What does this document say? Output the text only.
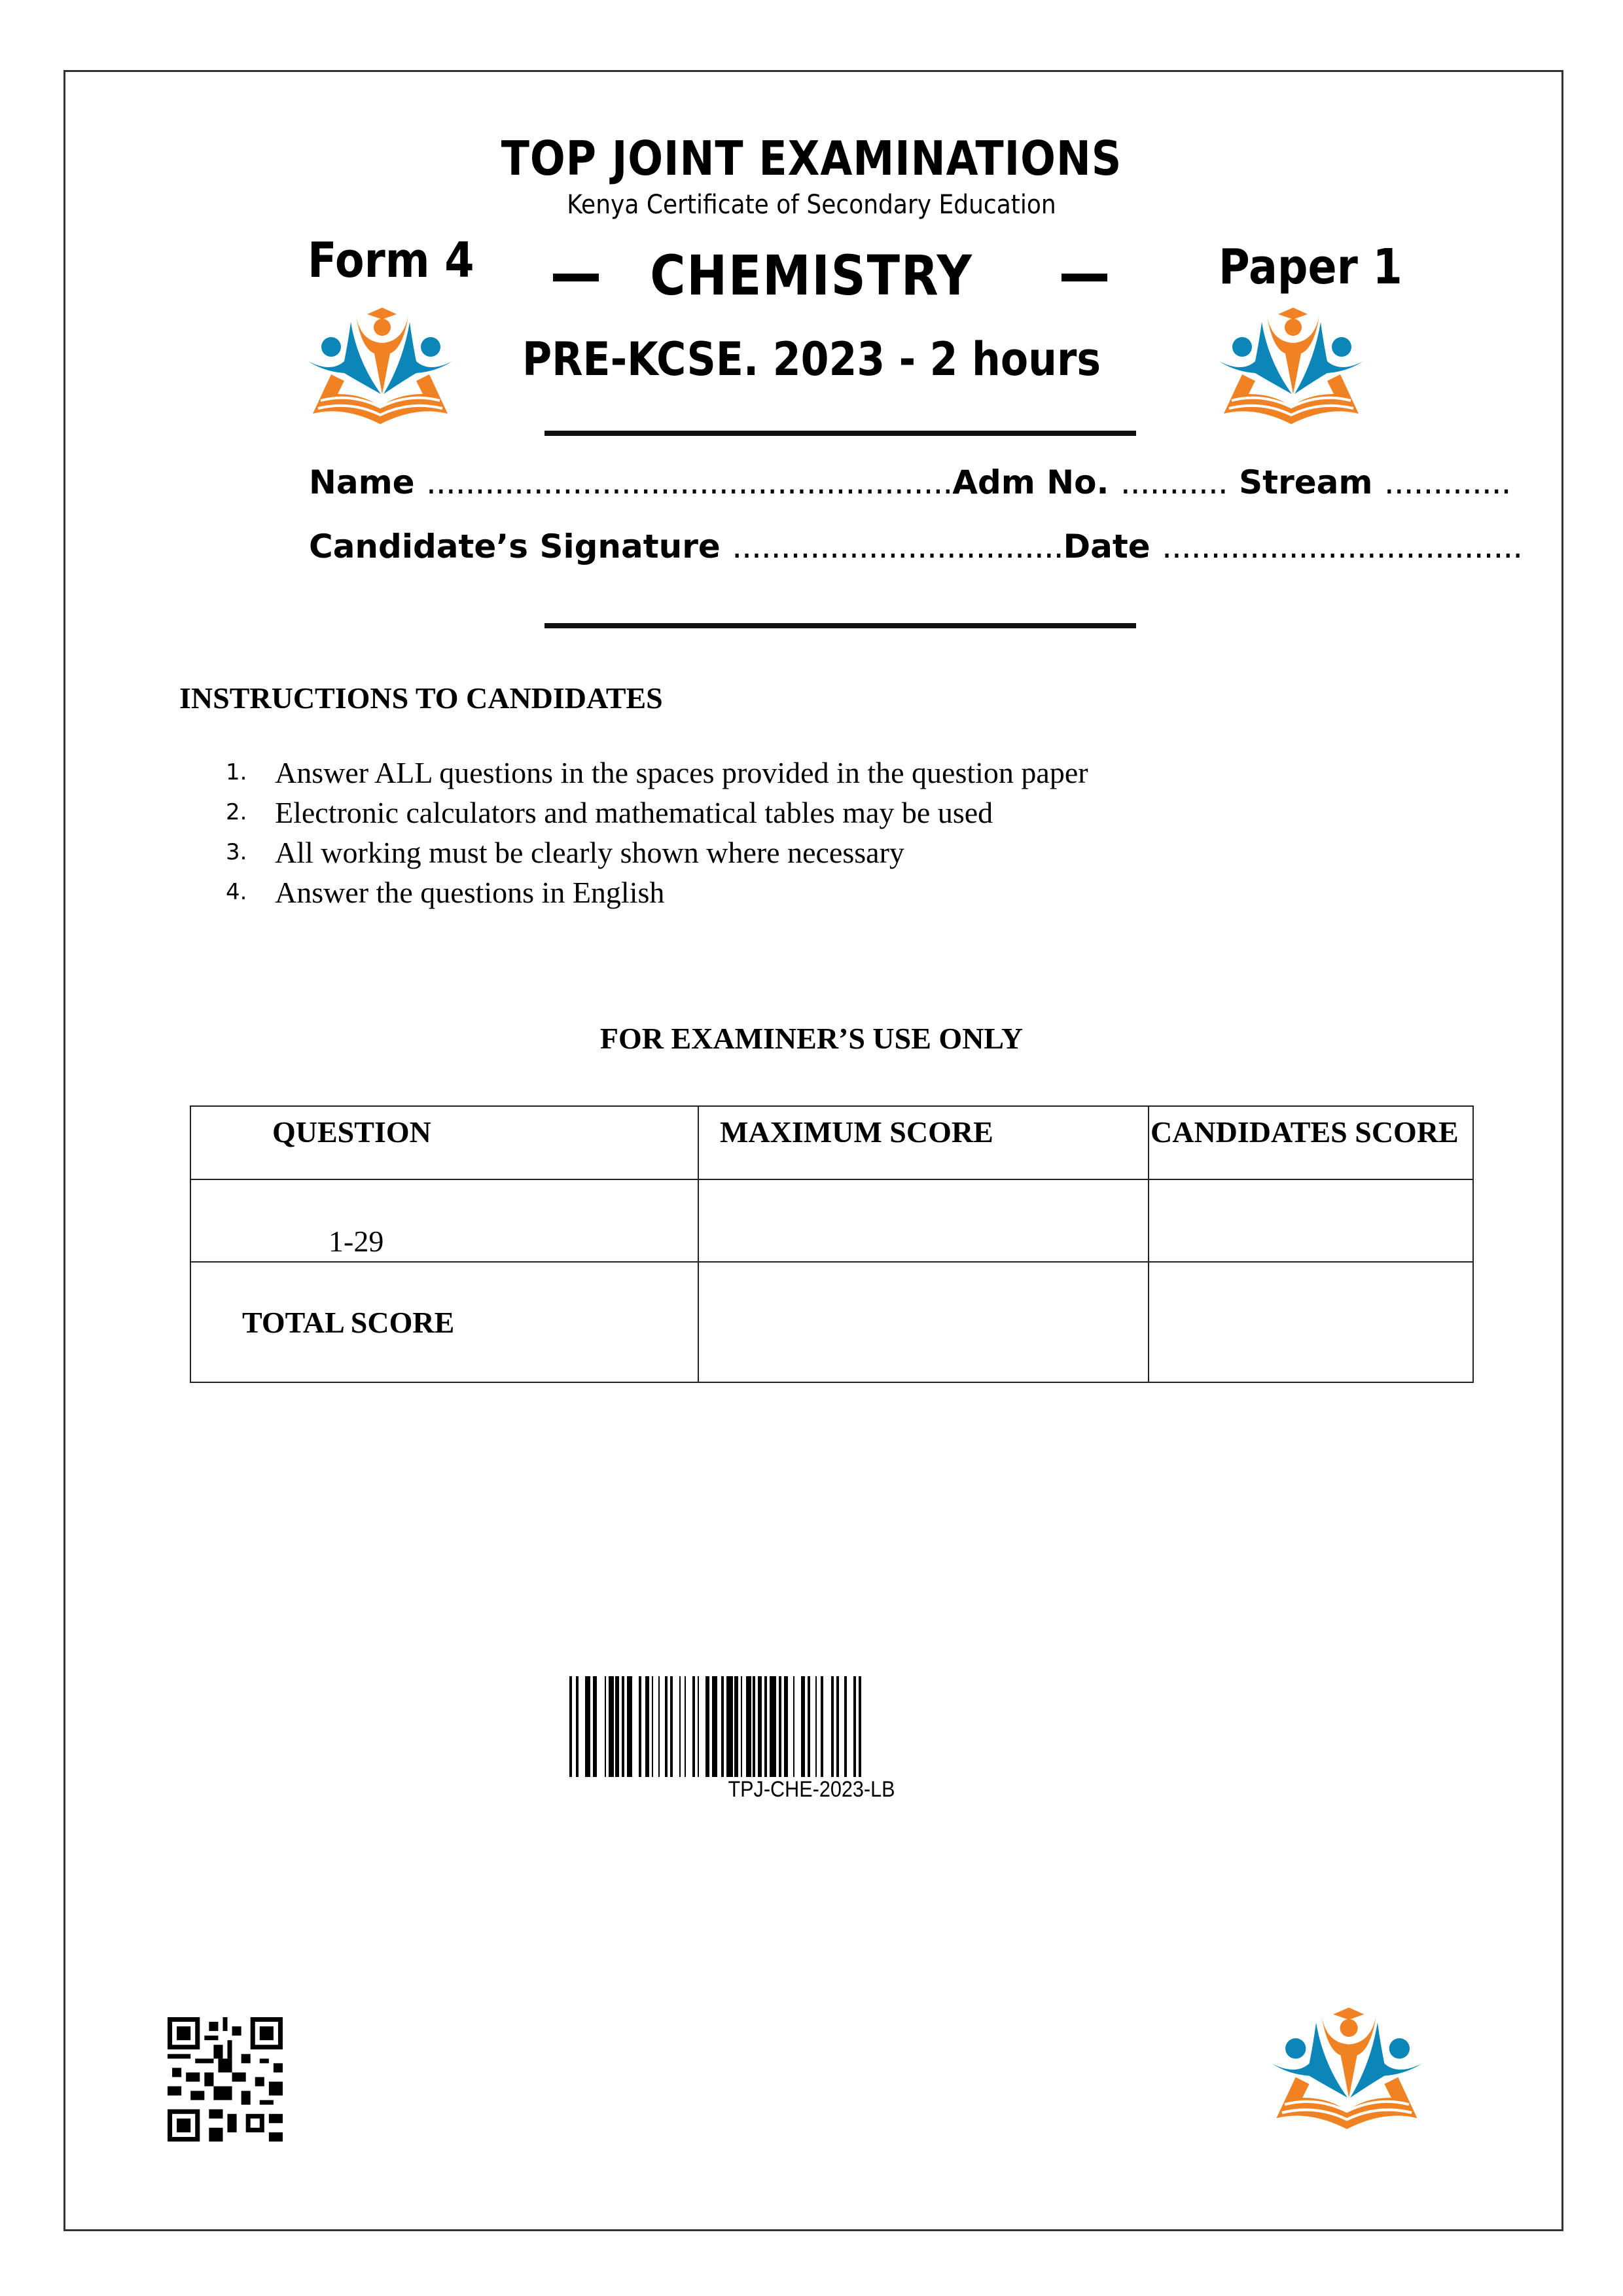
TOP JOINT EXAMINATIONS
Kenya Certificate of Secondary Education
Form 4	CHEMISTRY	Paper 1
PRE-KCSE. 2023 - 2 hours
Name ...................................................... Adm No. ........... Stream .............
Candidate’s Signature .................................. Date .....................................
INSTRUCTIONS TO CANDIDATES
1. Answer ALL questions in the spaces provided in the question paper
2. Electronic calculators and mathematical tables may be used
3. All working must be clearly shown where necessary
4. Answer the questions in English
FOR EXAMINER’S USE ONLY
QUESTION	MAXIMUM SCORE	CANDIDATES SCORE
1-29		
TOTAL SCORE		
TPJ-CHE-2023-LB
